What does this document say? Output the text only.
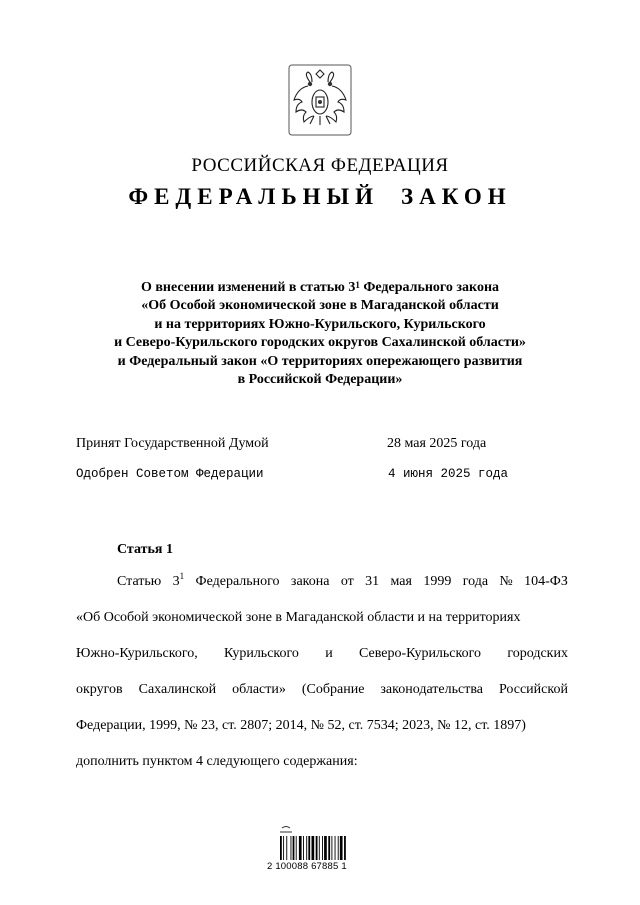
РОССИЙСКАЯ ФЕДЕРАЦИЯ
ФЕДЕРАЛЬНЫЙ ЗАКОН
О внесении изменений в статью $3^1$ Федерального закона
«Об Особой экономической зоне в Магаданской области
и на территориях Южно-Курильского, Курильского
и Северо-Курильского городских округов Сахалинской области»
и Федеральный закон «О территориях опережающего развития
в Российской Федерации»
Принят Государственной Думой	28 мая 2025 года
Одобрен Советом Федерации	4 июня 2025 года
Статья 1
Статью $3^1$ Федерального закона от 31 мая 1999 года № 104-ФЗ
«Об Особой экономической зоне в Магаданской области и на территориях
Южно-Курильского, Курильского и Северо-Курильского городских
округов Сахалинской области» (Собрание законодательства Российской
Федерации, 1999, № 23, ст. 2807; 2014, № 52, ст. 7534; 2023, № 12, ст. 1897)
дополнить пунктом 4 следующего содержания:
2 100088 67885 1
